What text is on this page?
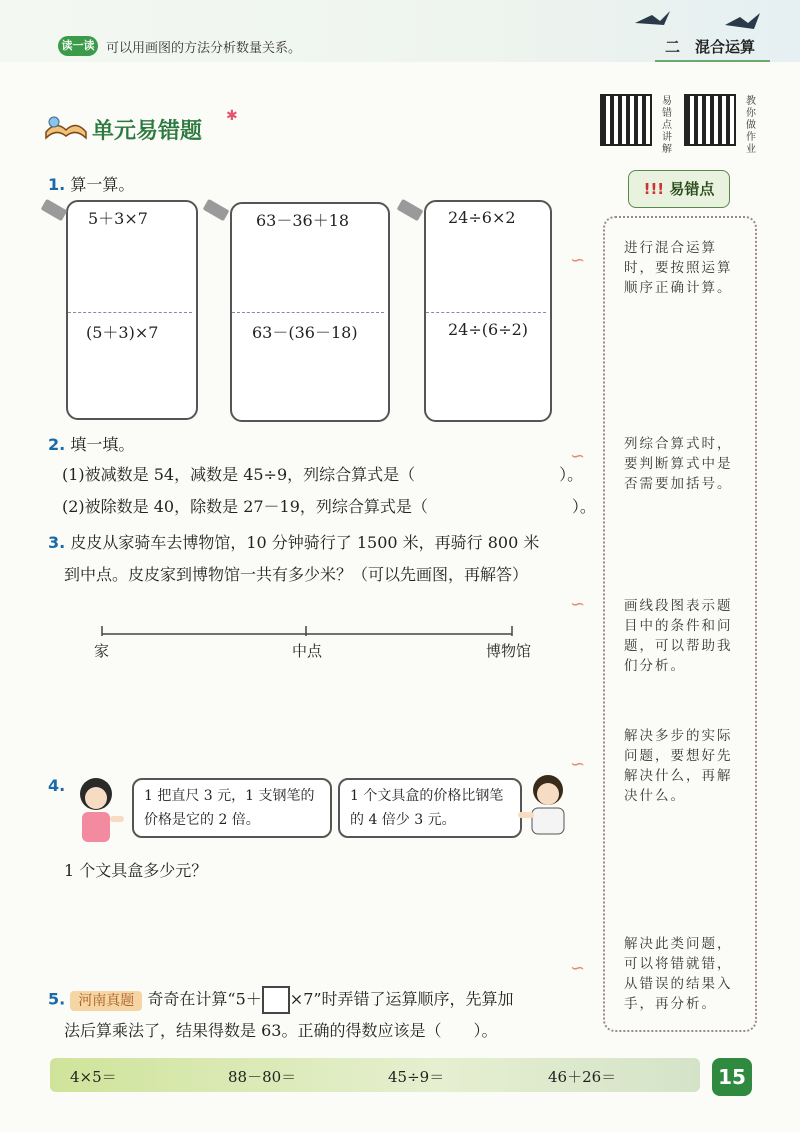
读一读 可以用画图的方法分析数量关系。	二　混合运算
单元易错题
✱
易错点讲解
教你做作业
!!! 易错点
进行混合运算时，要按照运算顺序正确计算。
∽
列综合算式时，要判断算式中是否需要加括号。
∽
画线段图表示题目中的条件和问题，可以帮助我们分析。
∽
解决多步的实际问题，要想好先解决什么，再解决什么。
∽
解决此类问题，可以将错就错，从错误的结果入手，再分析。
∽
1. 算一算。
5＋3×7
(5＋3)×7
63－36＋18
63－(36－18)
24÷6×2
24÷(6÷2)
2. 填一填。
(1)被减数是 54，减数是 45÷9，列综合算式是（　　　　　　　　　）。
(2)被除数是 40，除数是 27－19，列综合算式是（　　　　　　　　　）。
3. 皮皮从家骑车去博物馆，10 分钟骑行了 1500 米，再骑行 800 米
到中点。皮皮家到博物馆一共有多少米？（可以先画图，再解答）
家	中点	博物馆
4.
1 把直尺 3 元，1 支钢笔的价格是它的 2 倍。
1 个文具盒的价格比钢笔的 4 倍少 3 元。
1 个文具盒多少元？
5. 河南真题 奇奇在计算“5＋ ×7”时弄错了运算顺序，先算加
法后算乘法了，结果得数是 63。正确的得数应该是（　　）。
4×5＝	88－80＝	45÷9＝	46＋26＝	15
